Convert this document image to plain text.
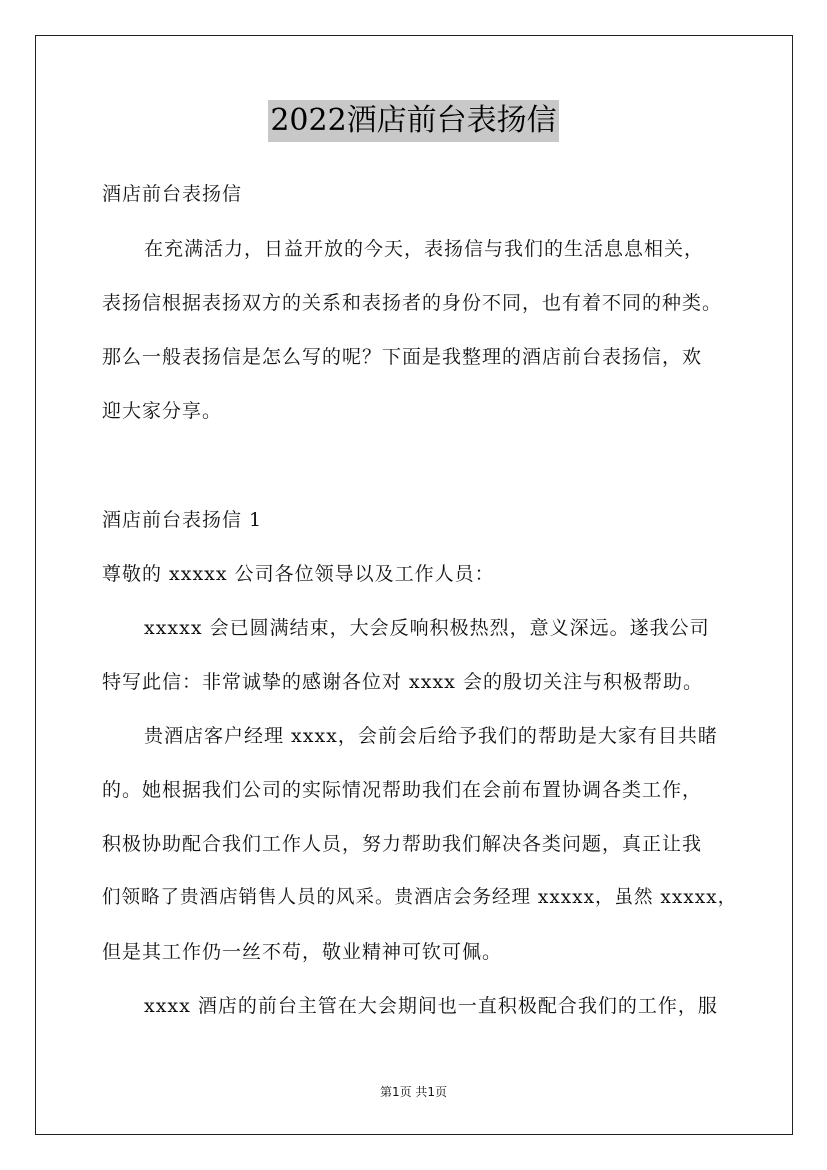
2022酒店前台表扬信
酒店前台表扬信
在充满活力，日益开放的今天，表扬信与我们的生活息息相关，
表扬信根据表扬双方的关系和表扬者的身份不同，也有着不同的种类。
那么一般表扬信是怎么写的呢？下面是我整理的酒店前台表扬信，欢
迎大家分享。
酒店前台表扬信 1
尊敬的 xxxxx 公司各位领导以及工作人员：
xxxxx 会已圆满结束，大会反响积极热烈，意义深远。遂我公司
特写此信：非常诚挚的感谢各位对 xxxx 会的殷切关注与积极帮助。
贵酒店客户经理 xxxx，会前会后给予我们的帮助是大家有目共睹
的。她根据我们公司的实际情况帮助我们在会前布置协调各类工作，
积极协助配合我们工作人员，努力帮助我们解决各类问题，真正让我
们领略了贵酒店销售人员的风采。贵酒店会务经理 xxxxx，虽然 xxxxx，
但是其工作仍一丝不苟，敬业精神可钦可佩。
xxxx 酒店的前台主管在大会期间也一直积极配合我们的工作，服
第1页 共1页
